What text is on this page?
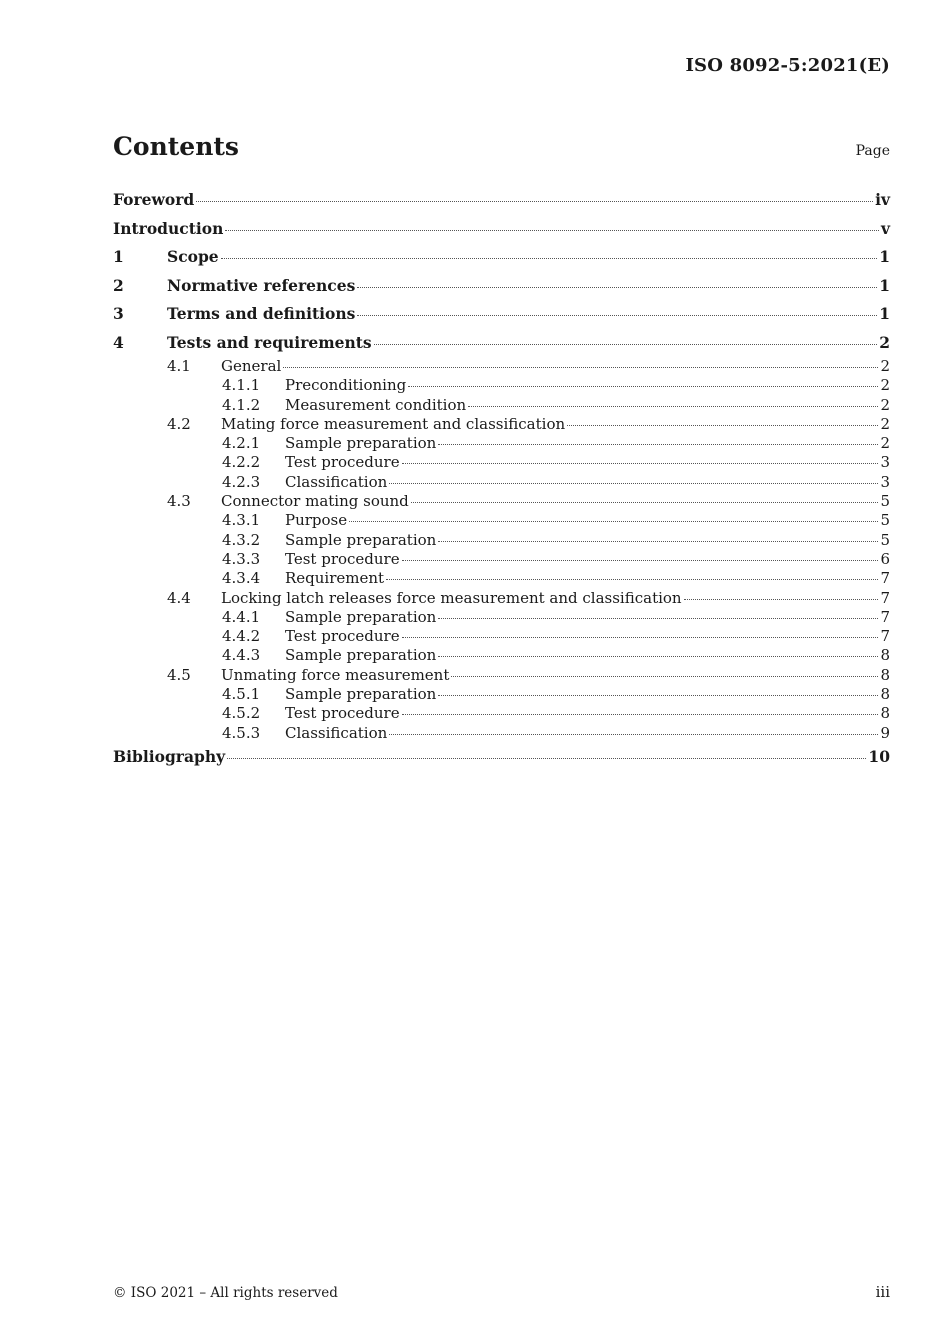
ISO 8092-5:2021(E)
Contents	Page
Foreword	iv
Introduction	v
1	Scope	1
2	Normative references	1
3	Terms and definitions	1
4	Tests and requirements	2
4.1	General	2
4.1.1	Preconditioning	2
4.1.2	Measurement condition	2
4.2	Mating force measurement and classification	2
4.2.1	Sample preparation	2
4.2.2	Test procedure	3
4.2.3	Classification	3
4.3	Connector mating sound	5
4.3.1	Purpose	5
4.3.2	Sample preparation	5
4.3.3	Test procedure	6
4.3.4	Requirement	7
4.4	Locking latch releases force measurement and classification	7
4.4.1	Sample preparation	7
4.4.2	Test procedure	7
4.4.3	Sample preparation	8
4.5	Unmating force measurement	8
4.5.1	Sample preparation	8
4.5.2	Test procedure	8
4.5.3	Classification	9
Bibliography	10
© ISO 2021 – All rights reserved	iii
